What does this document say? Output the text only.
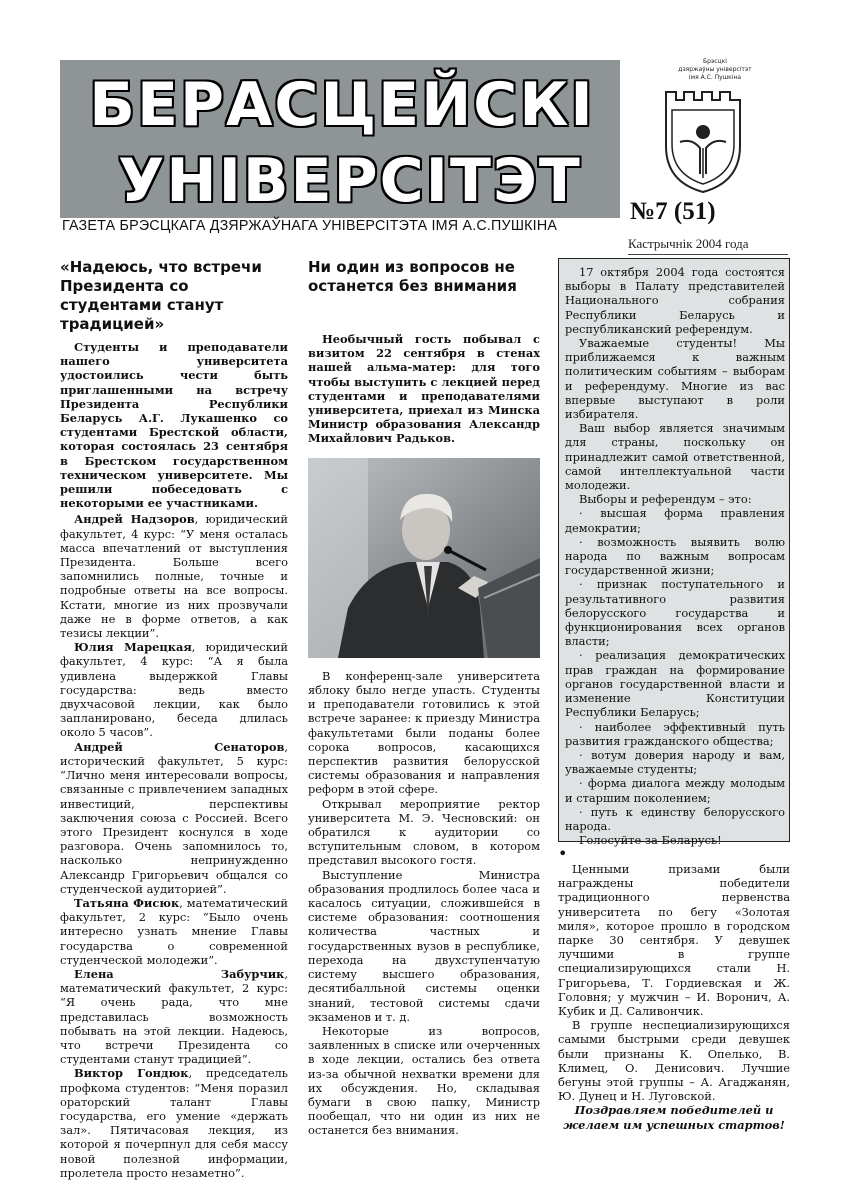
БЕРАСЦЕЙСКІ
УНІВЕРСІТЭТ
ГАЗЕТА БРЭСЦКАГА ДЗЯРЖАЎНАГА УНІВЕРСІТЭТА ІМЯ А.С.ПУШКІНА
Брэсцкі
дзяржаўны універсітэт
імя А.С. Пушкіна
№7 (51)
Кастрычнік 2004 года
«Надеюсь, что встречи Президента со студентами станут традицией»

Студенты и преподаватели нашего университета удостоились чести быть приглашенными на встречу Президента Республики Беларусь А.Г. Лукашенко со студентами Брестской области, которая состоялась 23 сентября в Брестском государственном техническом университете. Мы решили побеседовать с некоторыми ее участниками.

Андрей Надзоров, юридический факультет, 4 курс: “У меня осталась масса впечатлений от выступления Президента. Больше всего запомнились полные, точные и подробные ответы на все вопросы. Кстати, многие из них прозвучали даже не в форме ответов, а как тезисы лекции”.

Юлия Марецкая, юридический факультет, 4 курс: “А я была удивлена выдержкой Главы государства: ведь вместо двухчасовой лекции, как было запланировано, беседа длилась около 5 часов”.

Андрей Сенаторов, исторический факультет, 5 курс: “Лично меня интересовали вопросы, связанные с привлечением западных инвестиций, перспективы заключения союза с Россией. Всего этого Президент коснулся в ходе разговора. Очень запомнилось то, насколько непринужденно Александр Григорьевич общался со студенческой аудиторией”.

Татьяна Фисюк, математический факультет, 2 курс: “Было очень интересно узнать мнение Главы государства о современной студенческой молодежи”.

Елена Забурчик, математический факультет, 2 курс: “Я очень рада, что мне представилась возможность побывать на этой лекции. Надеюсь, что встречи Президента со студентами станут традицией”.

Виктор Гондюк, председатель профкома студентов: “Меня поразил ораторский талант Главы государства, его умение «держать зал». Пятичасовая лекция, из которой я почерпнул для себя массу новой полезной информации, пролетела просто незаметно”.

Ни один из вопросов не останется без внимания

Необычный гость побывал с визитом 22 сентября в стенах нашей альма-матер: для того чтобы выступить с лекцией перед студентами и преподавателями университета, приехал из Минска Министр образования Александр Михайлович Радьков.

В конференц-зале университета яблоку было негде упасть. Студенты и преподаватели готовились к этой встрече заранее: к приезду Министра факультетами были поданы более сорока вопросов, касающихся перспектив развития белорусской системы образования и направления реформ в этой сфере.

Открывал мероприятие ректор университета М. Э. Чесновский: он обратился к аудитории со вступительным словом, в котором представил высокого гостя.

Выступление Министра образования продлилось более часа и касалось ситуации, сложившейся в системе образования: соотношения количества частных и государственных вузов в республике, перехода на двухступенчатую систему высшего образования, десятибалльной системы оценки знаний, тестовой системы сдачи экзаменов и т. д.

Некоторые из вопросов, заявленных в списке или очерченных в ходе лекции, остались без ответа из-за обычной нехватки времени для их обсуждения. Но, складывая бумаги в свою папку, Министр пообещал, что ни один из них не останется без внимания.

17 октября 2004 года состоятся выборы в Палату представителей Национального собрания Республики Беларусь и республиканский референдум.

Уважаемые студенты! Мы приближаемся к важным политическим событиям – выборам и референдуму. Многие из вас впервые выступают в роли избирателя.

Ваш выбор является значимым для страны, поскольку он принадлежит самой ответственной, самой интеллектуальной части молодежи.

Выборы и референдум – это:

· высшая форма правления демократии;

· возможность выявить волю народа по важным вопросам государственной жизни;

· признак поступательного и результативного развития белорусского государства и функционирования всех органов власти;

· реализация демократических прав граждан на формирование органов государственной власти и изменение Конституции Республики Беларусь;

· наиболее эффективный путь развития гражданского общества;

· вотум доверия народу и вам, уважаемые студенты;

· форма диалога между молодым и старшим поколением;

· путь к единству белорусского народа.

Голосуйте за Беларусь!

•

Ценными призами были награждены победители традиционного первенства университета по бегу «Золотая миля», которое прошло в городском парке 30 сентября. У девушек лучшими в группе специализирующихся стали Н. Григорьева, Т. Гордиевская и Ж. Головня; у мужчин – И. Воронич, А. Кубик и Д. Саливончик.

В группе неспециализирующихся самыми быстрыми среди девушек были признаны К. Опелько, В. Климец, О. Денисович. Лучшие бегуны этой группы – А. Агаджанян, Ю. Дунец и Н. Луговской.

Поздравляем победителей и желаем им успешных стартов!
